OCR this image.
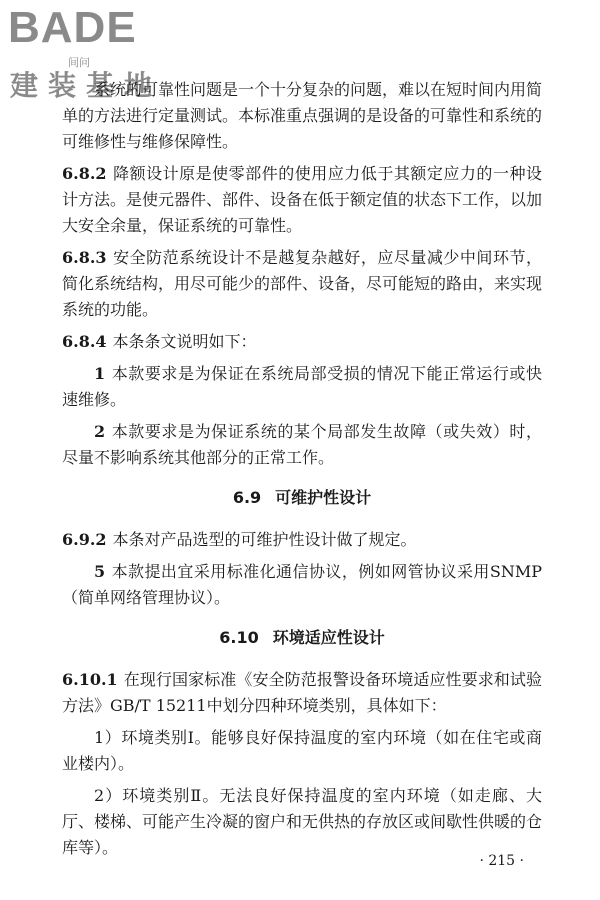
BADE
间问
建装基地

系统的可靠性问题是一个十分复杂的问题，难以在短时间内用简单的方法进行定量测试。本标准重点强调的是设备的可靠性和系统的可维修性与维修保障性。

6.8.2 降额设计原是使零部件的使用应力低于其额定应力的一种设计方法。是使元器件、部件、设备在低于额定值的状态下工作，以加大安全余量，保证系统的可靠性。

6.8.3 安全防范系统设计不是越复杂越好，应尽量减少中间环节，简化系统结构，用尽可能少的部件、设备，尽可能短的路由，来实现系统的功能。

6.8.4 本条条文说明如下：

1 本款要求是为保证在系统局部受损的情况下能正常运行或快速维修。

2 本款要求是为保证系统的某个局部发生故障（或失效）时，尽量不影响系统其他部分的正常工作。

6.9 可维护性设计

6.9.2 本条对产品选型的可维护性设计做了规定。

5 本款提出宜采用标准化通信协议，例如网管协议采用SNMP（简单网络管理协议）。

6.10 环境适应性设计

6.10.1 在现行国家标准《安全防范报警设备环境适应性要求和试验方法》GB/T 15211中划分四种环境类别，具体如下：

1）环境类别Ⅰ。能够良好保持温度的室内环境（如在住宅或商业楼内）。

2）环境类别Ⅱ。无法良好保持温度的室内环境（如走廊、大厅、楼梯、可能产生冷凝的窗户和无供热的存放区或间歇性供暖的仓库等）。

· 215 ·
